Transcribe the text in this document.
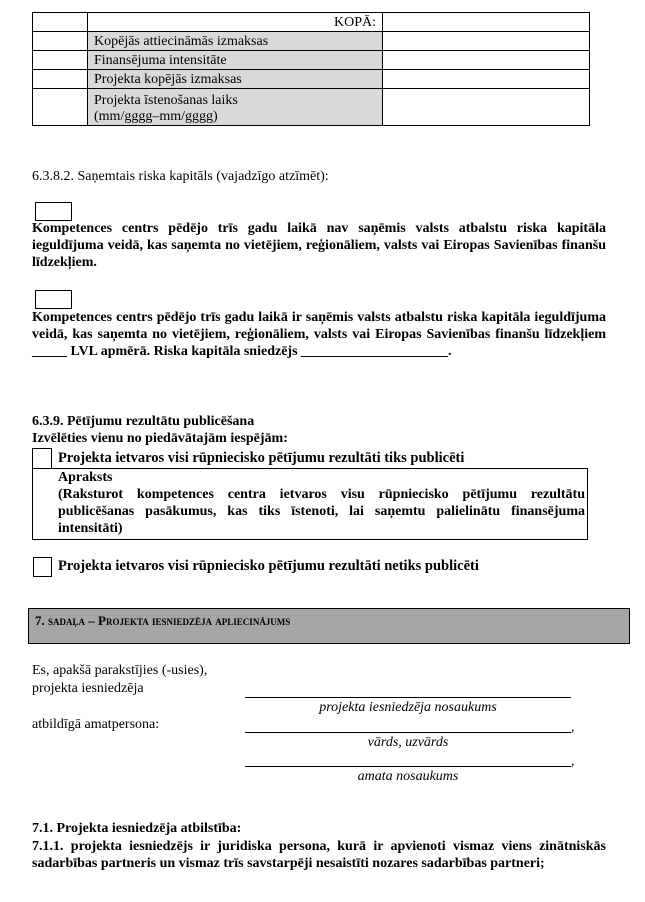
	KOPĀ:	
	Kopējās attiecināmās izmaksas	
	Finansējuma intensitāte	
	Projekta kopējās izmaksas	
	Projekta īstenošanas laiks
(mm/gggg–mm/gggg)	
6.3.8.2. Saņemtais riska kapitāls (vajadzīgo atzīmēt):
Kompetences centrs pēdējo trīs gadu laikā nav saņēmis valsts atbalstu riska kapitāla ieguldījuma veidā, kas saņemta no vietējiem, reģionāliem, valsts vai Eiropas Savienības finanšu līdzekļiem.
Kompetences centrs pēdējo trīs gadu laikā ir saņēmis valsts atbalstu riska kapitāla ieguldījuma veidā, kas saņemta no vietējiem, reģionāliem, valsts vai Eiropas Savienības finanšu līdzekļiem _____ LVL apmērā. Riska kapitāla sniedzējs _____________________.
6.3.9. Pētījumu rezultātu publicēšana
Izvēlēties vienu no piedāvātajām iespējām:
Projekta ietvaros visi rūpniecisko pētījumu rezultāti tiks publicēti
Apraksts
(Raksturot kompetences centra ietvaros visu rūpniecisko pētījumu rezultātu publicēšanas pasākumus, kas tiks īstenoti, lai saņemtu palielinātu finansējuma intensitāti)
Projekta ietvaros visi rūpniecisko pētījumu rezultāti netiks publicēti
7. sadaļa – Projekta iesniedzēja apliecinājums
Es, apakšā parakstījies (-usies),
projekta iesniedzēja
projekta iesniedzēja nosaukums
atbildīgā amatpersona:	,
vārds, uzvārds
,
amata nosaukums
7.1. Projekta iesniedzēja atbilstība:
7.1.1. projekta iesniedzējs ir juridiska persona, kurā ir apvienoti vismaz viens zinātniskās sadarbības partneris un vismaz trīs savstarpēji nesaistīti nozares sadarbības partneri;
